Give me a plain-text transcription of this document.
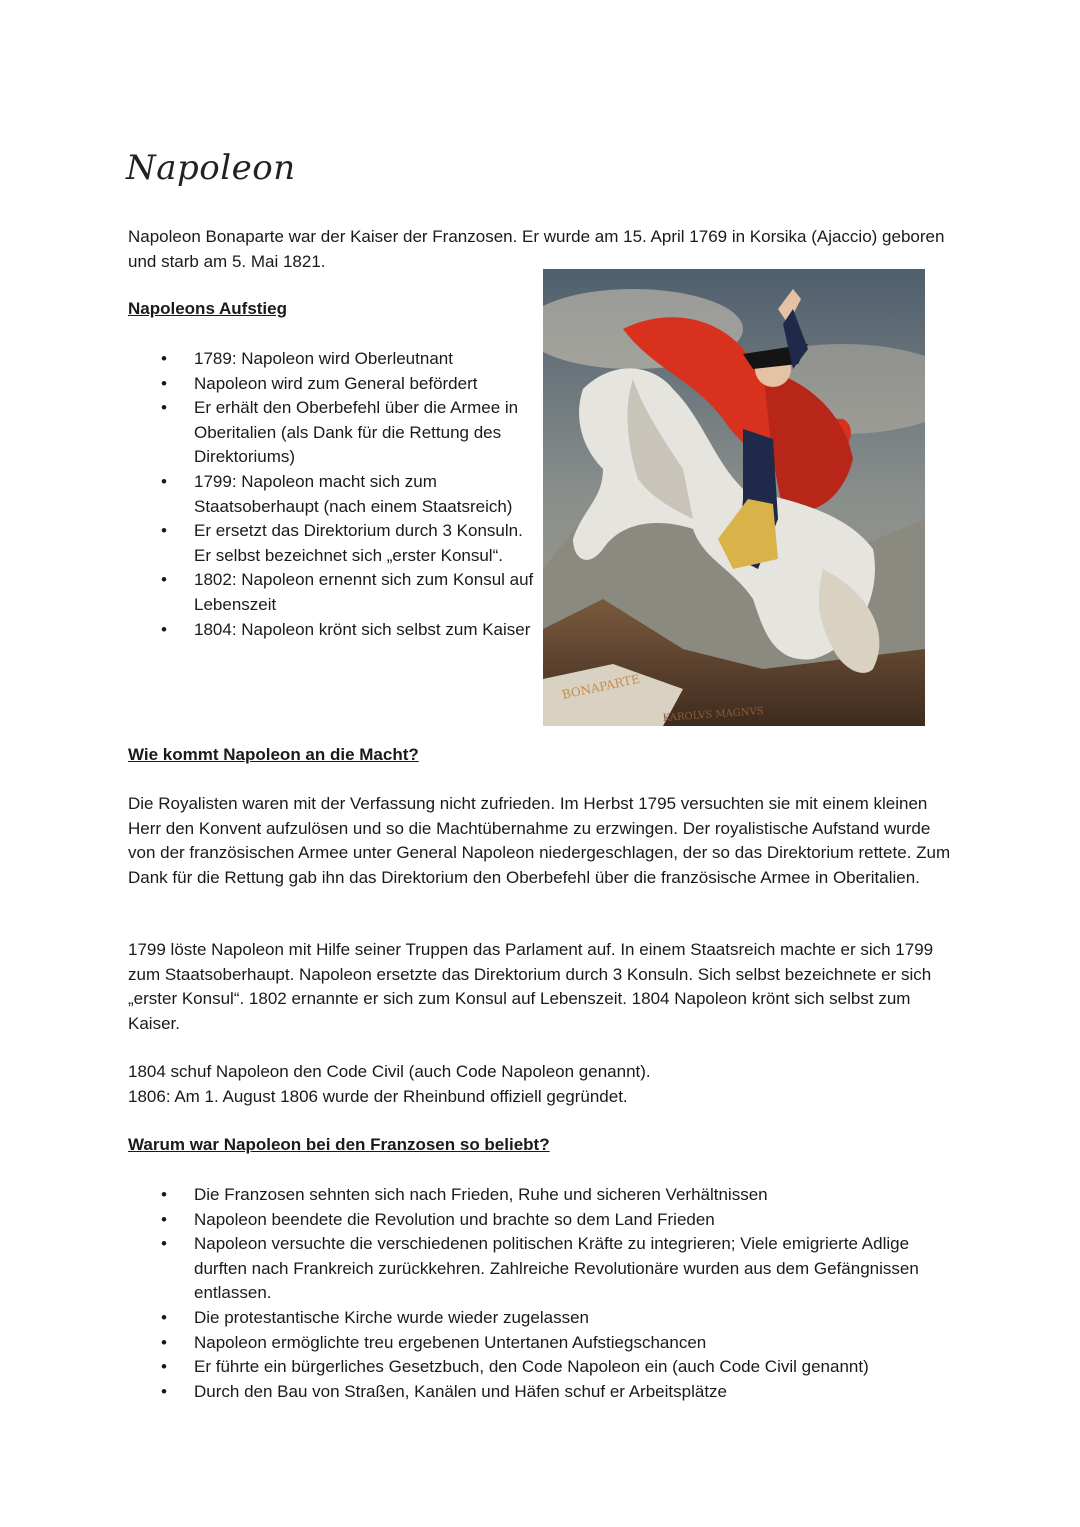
Napoleon

Napoleon Bonaparte war der Kaiser der Franzosen. Er wurde am 15. April 1769 in Korsika (Ajaccio) geboren und starb am 5. Mai 1821.

Napoleons Aufstieg

• 1789: Napoleon wird Oberleutnant
• Napoleon wird zum General befördert
• Er erhält den Oberbefehl über die Armee in Oberitalien (als Dank für die Rettung des Direktoriums)
• 1799: Napoleon macht sich zum Staatsoberhaupt (nach einem Staatsreich)
• Er ersetzt das Direktorium durch 3 Konsuln. Er selbst bezeichnet sich „erster Konsul“.
• 1802: Napoleon ernennt sich zum Konsul auf Lebenszeit
• 1804: Napoleon krönt sich selbst zum Kaiser
BONAPARTE
KAROLVS MAGNVS

Wie kommt Napoleon an die Macht?

Die Royalisten waren mit der Verfassung nicht zufrieden. Im Herbst 1795 versuchten sie mit einem kleinen Herr den Konvent aufzulösen und so die Machtübernahme zu erzwingen. Der royalistische Aufstand wurde von der französischen Armee unter General Napoleon niedergeschlagen, der so das Direktorium rettete. Zum Dank für die Rettung gab ihn das Direktorium den Oberbefehl über die französische Armee in Oberitalien.

1799 löste Napoleon mit Hilfe seiner Truppen das Parlament auf. In einem Staatsreich machte er sich 1799 zum Staatsoberhaupt. Napoleon ersetzte das Direktorium durch 3 Konsuln. Sich selbst bezeichnete er sich „erster Konsul“. 1802 ernannte er sich zum Konsul auf Lebenszeit. 1804 Napoleon krönt sich selbst zum Kaiser.

1804 schuf Napoleon den Code Civil (auch Code Napoleon genannt).

1806: Am 1. August 1806 wurde der Rheinbund offiziell gegründet.

Warum war Napoleon bei den Franzosen so beliebt?

• Die Franzosen sehnten sich nach Frieden, Ruhe und sicheren Verhältnissen
• Napoleon beendete die Revolution und brachte so dem Land Frieden
• Napoleon versuchte die verschiedenen politischen Kräfte zu integrieren; Viele emigrierte Adlige durften nach Frankreich zurückkehren. Zahlreiche Revolutionäre wurden aus dem Gefängnissen entlassen.
• Die protestantische Kirche wurde wieder zugelassen
• Napoleon ermöglichte treu ergebenen Untertanen Aufstiegschancen
• Er führte ein bürgerliches Gesetzbuch, den Code Napoleon ein (auch Code Civil genannt)
• Durch den Bau von Straßen, Kanälen und Häfen schuf er Arbeitsplätze
